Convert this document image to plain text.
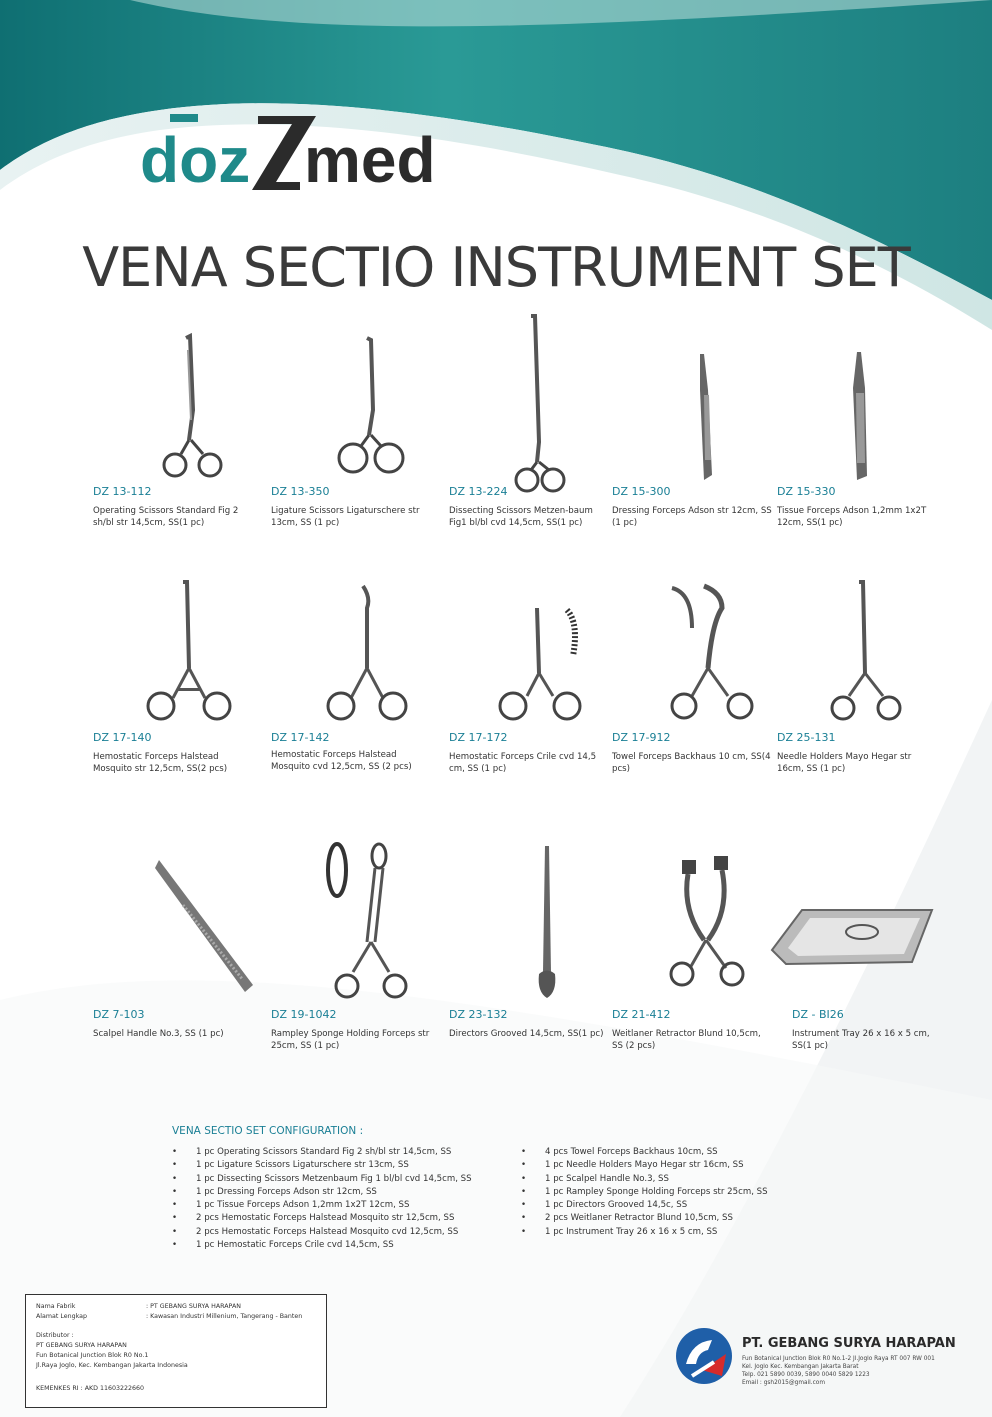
doz med
VENA SECTIO INSTRUMENT SET
DZ 13-112
Operating Scissors Standard Fig 2 sh/bl str 14,5cm, SS(1 pc)
DZ 13-350
Ligature Scissors Ligaturschere str 13cm, SS (1 pc)
DZ 13-224
Dissecting Scissors Metzen-baum Fig1 bl/bl cvd 14,5cm, SS(1 pc)
DZ 15-300
Dressing Forceps Adson str 12cm, SS (1 pc)
DZ 15-330
Tissue Forceps Adson 1,2mm 1x2T 12cm, SS(1 pc)
DZ 17-140
Hemostatic Forceps Halstead Mosquito str 12,5cm, SS(2 pcs)
DZ 17-142
Hemostatic Forceps Halstead Mosquito cvd 12,5cm, SS (2 pcs)
DZ 17-172
Hemostatic Forceps Crile cvd 14,5 cm, SS (1 pc)
DZ 17-912
Towel Forceps Backhaus 10 cm, SS(4 pcs)
DZ 25-131
Needle Holders Mayo Hegar str 16cm, SS (1 pc)
DZ 7-103
Scalpel Handle No.3, SS (1 pc)
DZ 19-1042
Rampley Sponge Holding Forceps str 25cm, SS (1 pc)
DZ 23-132
Directors Grooved 14,5cm, SS(1 pc)
DZ 21-412
Weitlaner Retractor Blund 10,5cm, SS (2 pcs)
DZ - BI26
Instrument Tray 26 x 16 x 5 cm, SS(1 pc)
VENA SECTIO SET CONFIGURATION :
• 1 pc Operating Scissors Standard Fig 2 sh/bl str 14,5cm, SS
• 1 pc Ligature Scissors Ligaturschere str 13cm, SS
• 1 pc Dissecting Scissors Metzenbaum Fig 1 bl/bl cvd 14,5cm, SS
• 1 pc Dressing Forceps Adson str 12cm, SS
• 1 pc Tissue Forceps Adson 1,2mm 1x2T 12cm, SS
• 2 pcs Hemostatic Forceps Halstead Mosquito str 12,5cm, SS
• 2 pcs Hemostatic Forceps Halstead Mosquito cvd 12,5cm, SS
• 1 pc Hemostatic Forceps Crile cvd 14,5cm, SS
• 4 pcs Towel Forceps Backhaus 10cm, SS
• 1 pc Needle Holders Mayo Hegar str 16cm, SS
• 1 pc Scalpel Handle No.3, SS
• 1 pc Rampley Sponge Holding Forceps str 25cm, SS
• 1 pc Directors Grooved 14,5c, SS
• 2 pcs Weitlaner Retractor Blund 10,5cm, SS
• 1 pc Instrument Tray 26 x 16 x 5 cm, SS
Nama Fabrik	: PT GEBANG SURYA HARAPAN
Alamat Lengkap	: Kawasan Industri Millenium, Tangerang - Banten
Distributor :
PT GEBANG SURYA HARAPAN
Fun Botanical Junction Blok R0 No.1
Jl.Raya Joglo, Kec. Kembangan Jakarta Indonesia
KEMENKES RI : AKD 11603222660
PT. GEBANG SURYA HARAPAN
Fun Botanical Junction Blok R0 No.1-2 Jl.Joglo Raya RT 007 RW 001
Kel. Joglo Kec. Kembangan Jakarta Barat
Telp. 021 5890 0039, 5890 0040 5829 1223
Email : gsh2015@gmail.com
